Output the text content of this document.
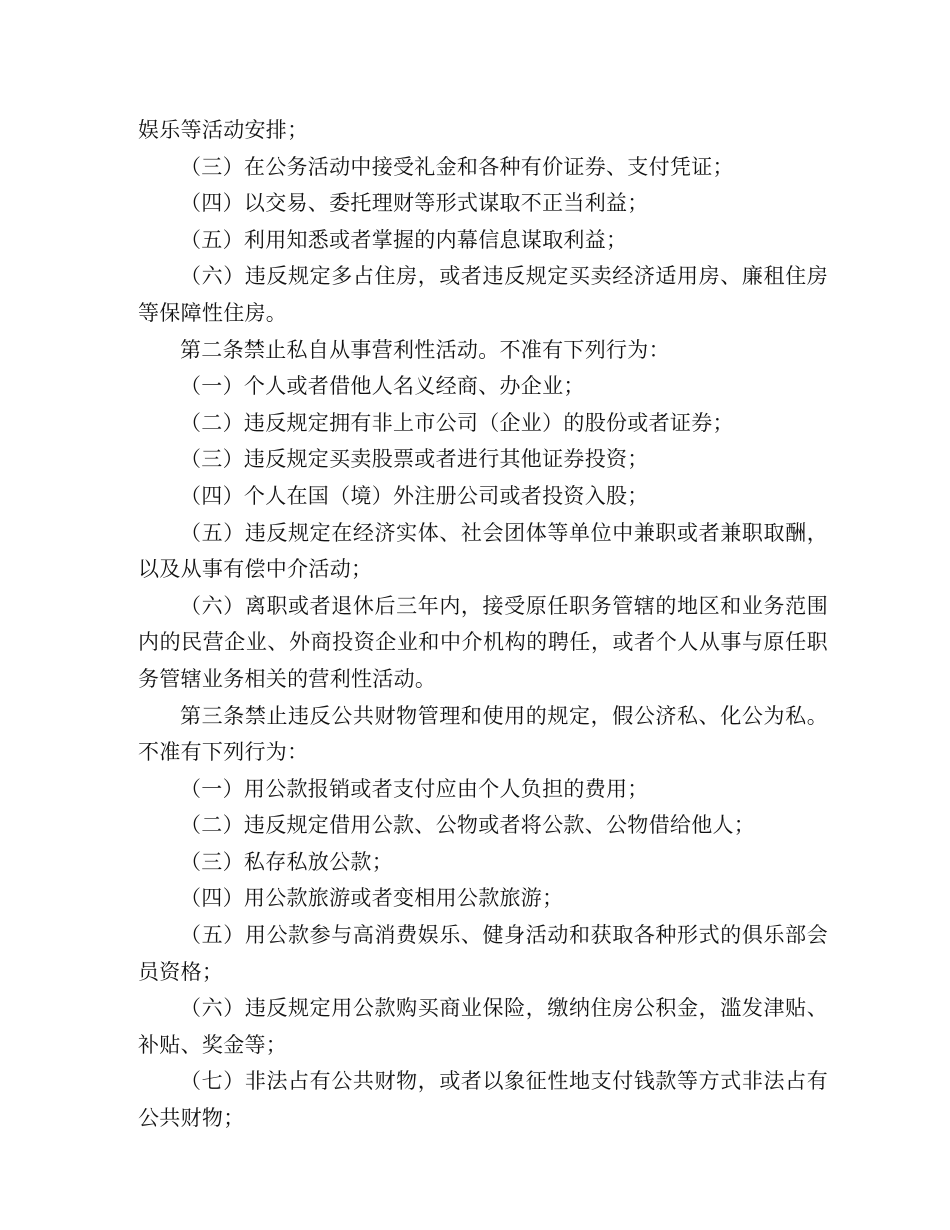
娱乐等活动安排；

（三）在公务活动中接受礼金和各种有价证券、支付凭证；

（四）以交易、委托理财等形式谋取不正当利益；

（五）利用知悉或者掌握的内幕信息谋取利益；

（六）违反规定多占住房，或者违反规定买卖经济适用房、廉租住房等保障性住房。

第二条禁止私自从事营利性活动。不准有下列行为：

（一）个人或者借他人名义经商、办企业；

（二）违反规定拥有非上市公司（企业）的股份或者证券；

（三）违反规定买卖股票或者进行其他证券投资；

（四）个人在国（境）外注册公司或者投资入股；

（五）违反规定在经济实体、社会团体等单位中兼职或者兼职取酬，以及从事有偿中介活动；

（六）离职或者退休后三年内，接受原任职务管辖的地区和业务范围内的民营企业、外商投资企业和中介机构的聘任，或者个人从事与原任职务管辖业务相关的营利性活动。

第三条禁止违反公共财物管理和使用的规定，假公济私、化公为私。不准有下列行为：

（一）用公款报销或者支付应由个人负担的费用；

（二）违反规定借用公款、公物或者将公款、公物借给他人；

（三）私存私放公款；

（四）用公款旅游或者变相用公款旅游；

（五）用公款参与高消费娱乐、健身活动和获取各种形式的俱乐部会员资格；

（六）违反规定用公款购买商业保险，缴纳住房公积金，滥发津贴、补贴、奖金等；

（七）非法占有公共财物，或者以象征性地支付钱款等方式非法占有公共财物；
